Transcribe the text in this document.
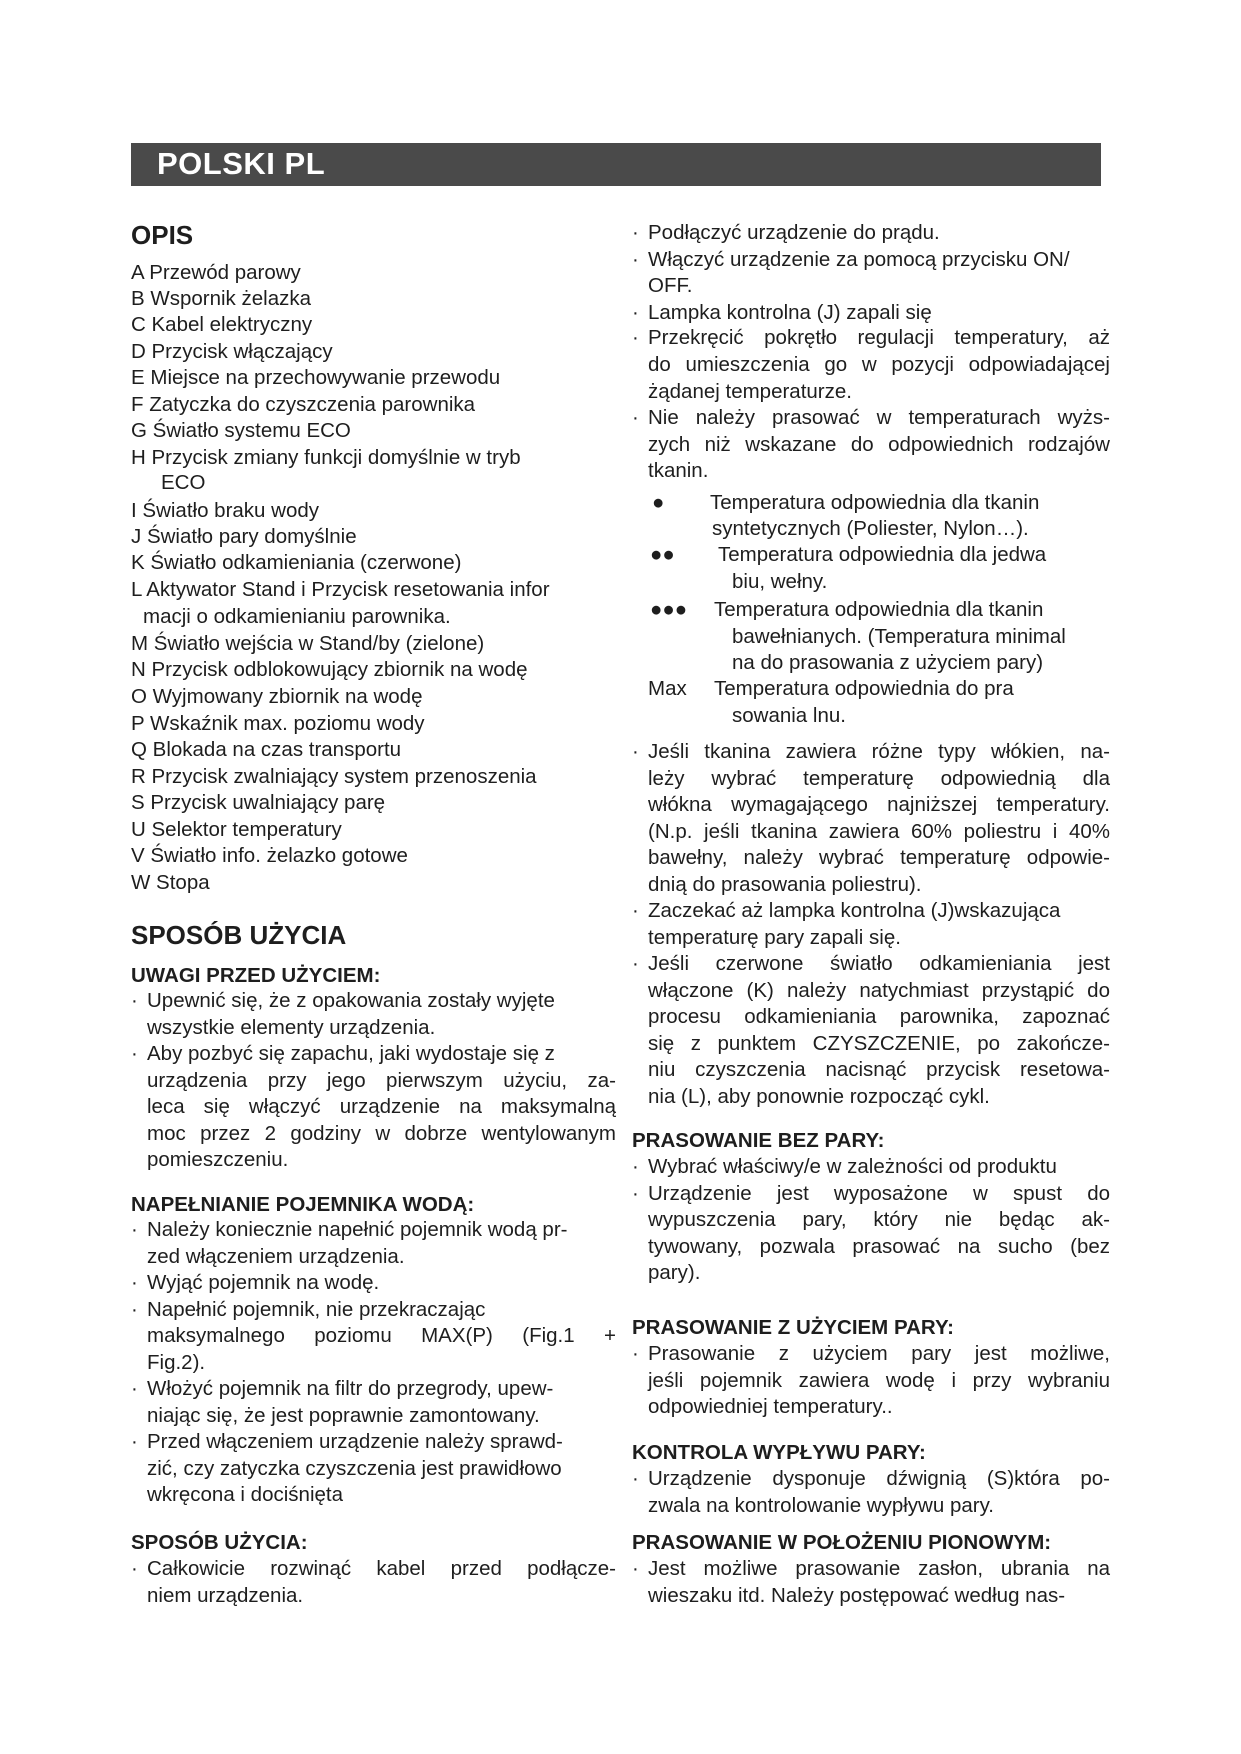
POLSKI PL
OPIS
A Przewód parowy
B Wspornik żelazka
C Kabel elektryczny
D Przycisk włączający
E Miejsce na przechowywanie przewodu
F Zatyczka do czyszczenia parownika
G Światło systemu ECO
H Przycisk zmiany funkcji domyślnie w tryb
ECO
I Światło braku wody
J Światło pary domyślnie
K Światło odkamieniania (czerwone)
L Aktywator Stand i Przycisk resetowania infor
macji o odkamienianiu parownika.
M Światło wejścia w Stand/by (zielone)
N Przycisk odblokowujący zbiornik na wodę
O Wyjmowany zbiornik na wodę
P Wskaźnik max. poziomu wody
Q Blokada na czas transportu
R Przycisk zwalniający system przenoszenia
S Przycisk uwalniający parę
U Selektor temperatury
V Światło info. żelazko gotowe
W Stopa
SPOSÓB UŻYCIA
UWAGI PRZED UŻYCIEM:
· Upewnić się, że z opakowania zostały wyjęte
wszystkie elementy urządzenia.
· Aby pozbyć się zapachu, jaki wydostaje się z
urządzenia przy jego pierwszym użyciu, za-
leca się włączyć urządzenie na maksymalną
moc przez 2 godziny w dobrze wentylowanym
pomieszczeniu.
NAPEŁNIANIE POJEMNIKA WODĄ:
· Należy koniecznie napełnić pojemnik wodą pr-
zed włączeniem urządzenia.
· Wyjąć pojemnik na wodę.
· Napełnić pojemnik, nie przekraczając
maksymalnego poziomu MAX(P) (Fig.1 +
Fig.2).
· Włożyć pojemnik na filtr do przegrody, upew-
niając się, że jest poprawnie zamontowany.
· Przed włączeniem urządzenie należy sprawd-
zić, czy zatyczka czyszczenia jest prawidłowo
wkręcona i dociśnięta
SPOSÓB UŻYCIA:
· Całkowicie rozwinąć kabel przed podłącze-
niem urządzenia.
· Podłączyć urządzenie do prądu.
· Włączyć urządzenie za pomocą przycisku ON/
OFF.
· Lampka kontrolna (J) zapali się
· Przekręcić pokrętło regulacji temperatury, aż
do umieszczenia go w pozycji odpowiadającej
żądanej temperaturze.
· Nie należy prasować w temperaturach wyżs-
zych niż wskazane do odpowiednich rodzajów
tkanin.
● Temperatura odpowiednia dla tkanin
syntetycznych (Poliester, Nylon…).
●● Temperatura odpowiednia dla jedwa
biu, wełny.
●●● Temperatura odpowiednia dla tkanin
bawełnianych. (Temperatura minimal
na do prasowania z użyciem pary)
Max Temperatura odpowiednia do pra
sowania lnu.
· Jeśli tkanina zawiera różne typy włókien, na-
leży wybrać temperaturę odpowiednią dla
włókna wymagającego najniższej temperatury.
(N.p. jeśli tkanina zawiera 60% poliestru i 40%
bawełny, należy wybrać temperaturę odpowie-
dnią do prasowania poliestru).
· Zaczekać aż lampka kontrolna (J)wskazująca
temperaturę pary zapali się.
· Jeśli czerwone światło odkamieniania jest
włączone (K) należy natychmiast przystąpić do
procesu odkamieniania parownika, zapoznać
się z punktem CZYSZCZENIE, po zakończe-
niu czyszczenia nacisnąć przycisk resetowa-
nia (L), aby ponownie rozpocząć cykl.
PRASOWANIE BEZ PARY:
· Wybrać właściwy/e w zależności od produktu
· Urządzenie jest wyposażone w spust do
wypuszczenia pary, który nie będąc ak-
tywowany, pozwala prasować na sucho (bez
pary).
PRASOWANIE Z UŻYCIEM PARY:
· Prasowanie z użyciem pary jest możliwe,
jeśli pojemnik zawiera wodę i przy wybraniu
odpowiedniej temperatury..
KONTROLA WYPŁYWU PARY:
· Urządzenie dysponuje dźwignią (S)która po-
zwala na kontrolowanie wypływu pary.
PRASOWANIE W POŁOŻENIU PIONOWYM:
· Jest możliwe prasowanie zasłon, ubrania na
wieszaku itd. Należy postępować według nas-
